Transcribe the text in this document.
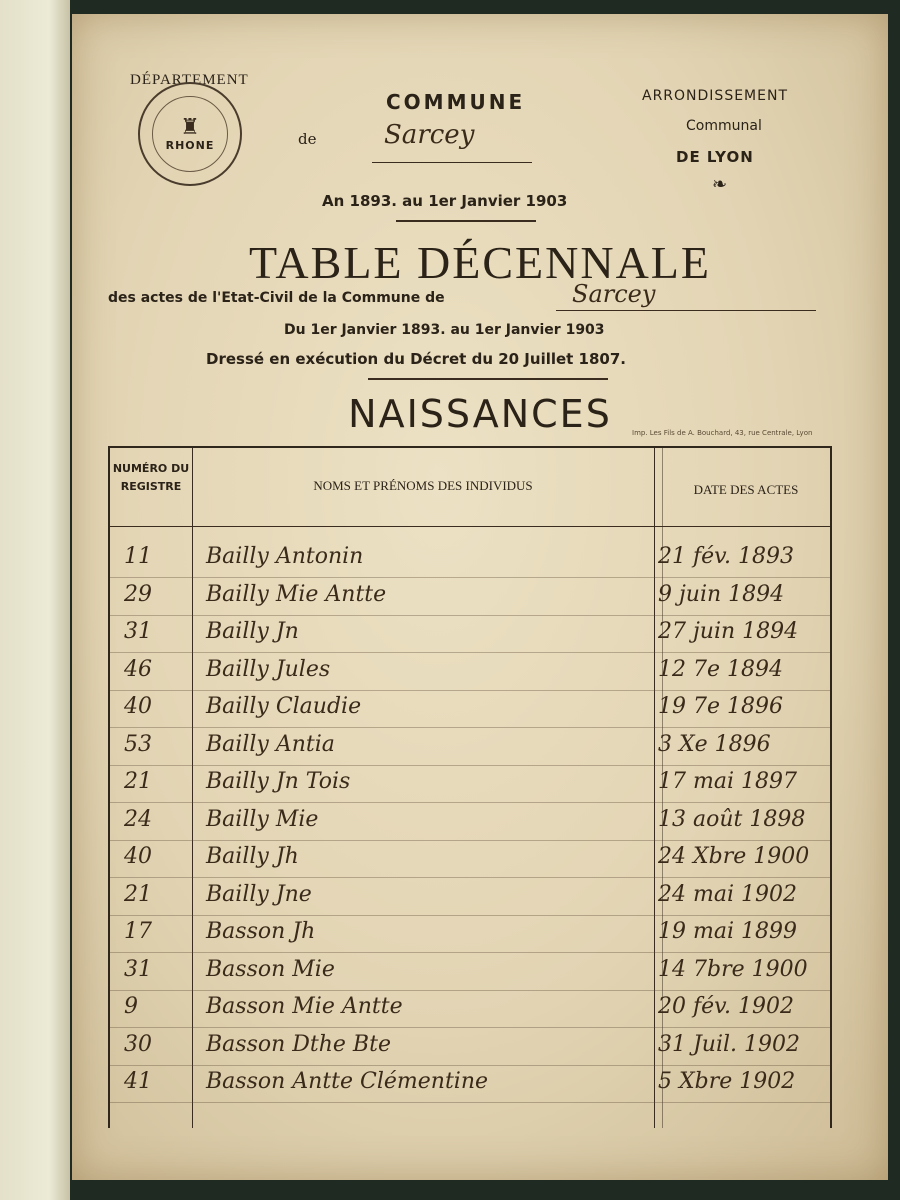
DÉPARTEMENT
♜
RHONE
COMMUNE
de	Sarcey
An 1893. au 1er Janvier 1903
ARRONDISSEMENT
Communal
DE LYON
❧
TABLE DÉCENNALE
des actes de l'Etat-Civil de la Commune de	Sarcey
Du 1er Janvier 1893. au 1er Janvier 1903
Dressé en exécution du Décret du 20 Juillet 1807.
NAISSANCES	Imp. Les Fils de A. Bouchard, 43, rue Centrale, Lyon
NUMÉRO DU REGISTRE	NOMS ET PRÉNOMS DES INDIVIDUS	DATE DES ACTES
11	Bailly Antonin	21 fév. 1893
29	Bailly Mie Antte	9 juin 1894
31	Bailly Jn	27 juin 1894
46	Bailly Jules	12 7e 1894
40	Bailly Claudie	19 7e 1896
53	Bailly Antia	3 Xe 1896
21	Bailly Jn Tois	17 mai 1897
24	Bailly Mie	13 août 1898
40	Bailly Jh	24 Xbre 1900
21	Bailly Jne	24 mai 1902
17	Basson Jh	19 mai 1899
31	Basson Mie	14 7bre 1900
9	Basson Mie Antte	20 fév. 1902
30	Basson Dthe Bte	31 Juil. 1902
41	Basson Antte Clémentine	5 Xbre 1902
